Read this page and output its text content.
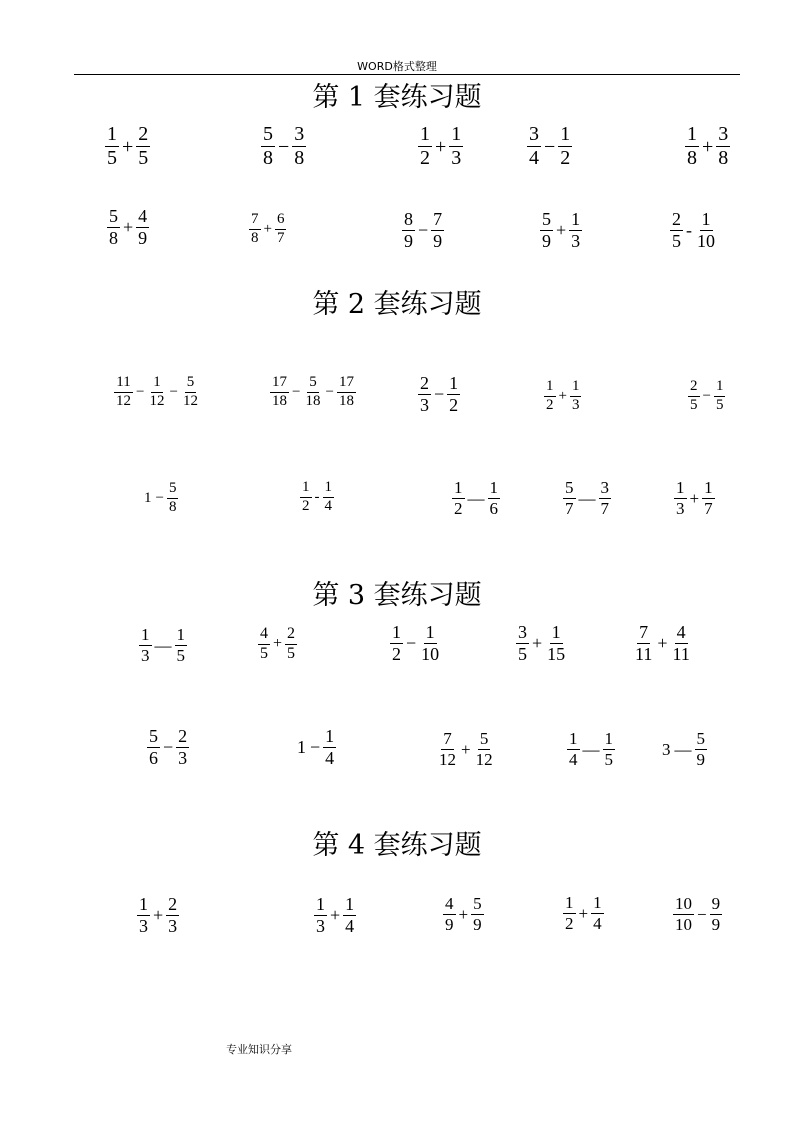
WORD格式整理
第 1 套练习题
第 2 套练习题
第 3 套练习题
第 4 套练习题
$\frac{1}{5} + \frac{2}{5}$	$\frac{5}{8} - \frac{3}{8}$	$\frac{1}{2} + \frac{1}{3}$	$\frac{3}{4} - \frac{1}{2}$	$\frac{1}{8} + \frac{3}{8}$
$\frac{5}{8} + \frac{4}{9}$	$\frac{7}{8} + \frac{6}{7}$	$\frac{8}{9} - \frac{7}{9}$	$\frac{5}{9} + \frac{1}{3}$	$\frac{2}{5} - \frac{1}{10}$
$\frac{11}{12} - \frac{1}{12} - \frac{5}{12}$	$\frac{17}{18} - \frac{5}{18} - \frac{17}{18}$	$\frac{2}{3} - \frac{1}{2}$	$\frac{1}{2} + \frac{1}{3}$	$\frac{2}{5} - \frac{1}{5}$
$1 - \frac{5}{8}$	$\frac{1}{2} - \frac{1}{4}$	$\frac{1}{2}$ — $\frac{1}{6}$	$\frac{5}{7}$ — $\frac{3}{7}$	$\frac{1}{3} + \frac{1}{7}$
$\frac{1}{3}$ — $\frac{1}{5}$	$\frac{4}{5} + \frac{2}{5}$	$\frac{1}{2} - \frac{1}{10}$	$\frac{3}{5} + \frac{1}{15}$	$\frac{7}{11} + \frac{4}{11}$
$\frac{5}{6} - \frac{2}{3}$	$1 - \frac{1}{4}$	$\frac{7}{12} + \frac{5}{12}$	$\frac{1}{4}$ — $\frac{1}{5}$	3 — $\frac{5}{9}$
$\frac{1}{3} + \frac{2}{3}$	$\frac{1}{3} + \frac{1}{4}$	$\frac{4}{9} + \frac{5}{9}$	$\frac{1}{2} + \frac{1}{4}$	$\frac{10}{10} - \frac{9}{9}$
专业知识分享
